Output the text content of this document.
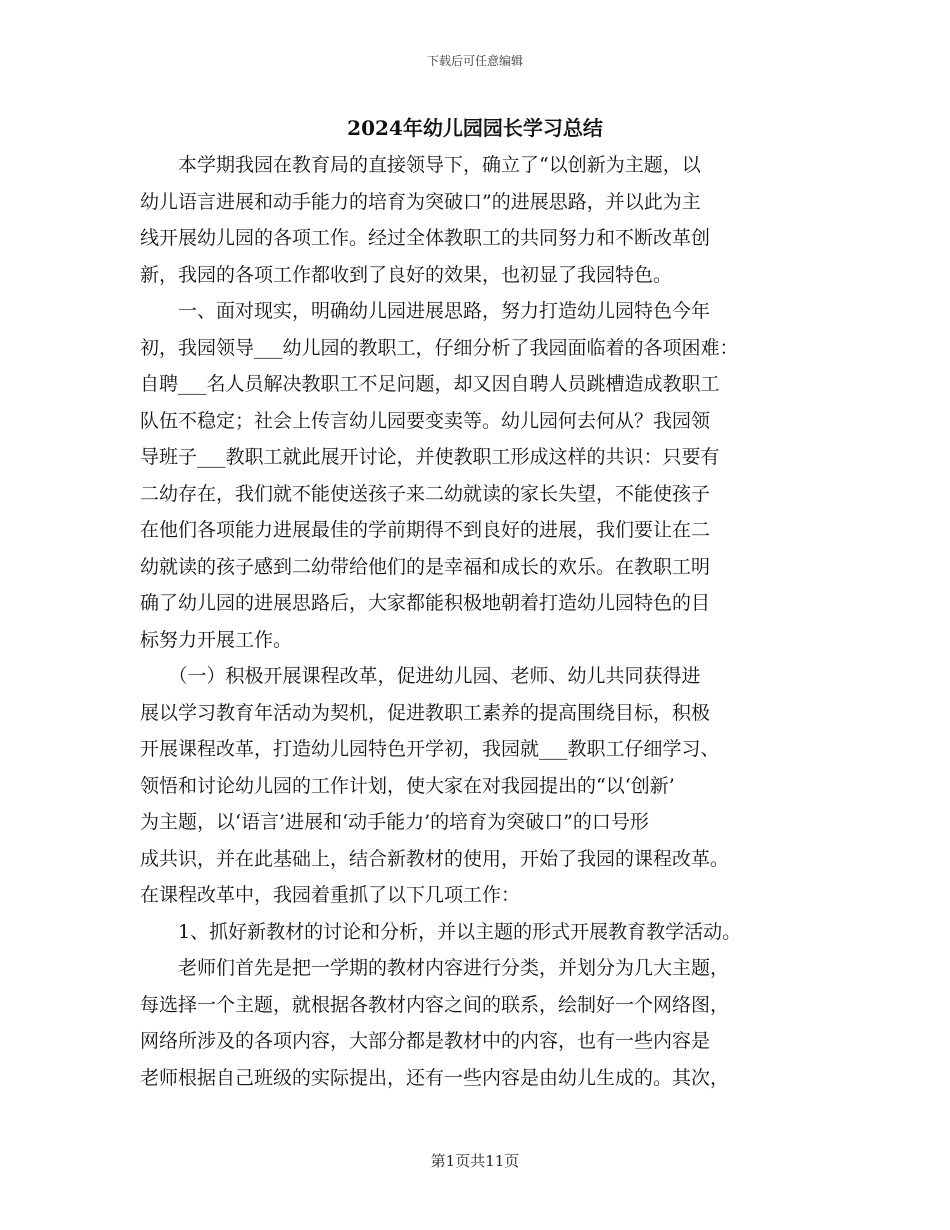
下载后可任意编辑
2024年幼儿园园长学习总结
　　本学期我园在教育局的直接领导下，确立了“以创新为主题，以
幼儿语言进展和动手能力的培育为突破口”的进展思路，并以此为主
线开展幼儿园的各项工作。经过全体教职工的共同努力和不断改革创
新，我园的各项工作都收到了良好的效果，也初显了我园特色。
　　一、面对现实，明确幼儿园进展思路，努力打造幼儿园特色今年
初，我园领导___幼儿园的教职工，仔细分析了我园面临着的各项困难：
自聘___名人员解决教职工不足问题，却又因自聘人员跳槽造成教职工
队伍不稳定；社会上传言幼儿园要变卖等。幼儿园何去何从？我园领
导班子___教职工就此展开讨论，并使教职工形成这样的共识：只要有
二幼存在，我们就不能使送孩子来二幼就读的家长失望，不能使孩子
在他们各项能力进展最佳的学前期得不到良好的进展，我们要让在二
幼就读的孩子感到二幼带给他们的是幸福和成长的欢乐。在教职工明
确了幼儿园的进展思路后，大家都能积极地朝着打造幼儿园特色的目
标努力开展工作。
　　（一）积极开展课程改革，促进幼儿园、老师、幼儿共同获得进
展以学习教育年活动为契机，促进教职工素养的提高围绕目标，积极
开展课程改革，打造幼儿园特色开学初，我园就___教职工仔细学习、
领悟和讨论幼儿园的工作计划，使大家在对我园提出的“以‘创新’
为主题，以‘语言’进展和‘动手能力’的培育为突破口”的口号形
成共识，并在此基础上，结合新教材的使用，开始了我园的课程改革。
在课程改革中，我园着重抓了以下几项工作：
　　1、抓好新教材的讨论和分析，并以主题的形式开展教育教学活动。
　　老师们首先是把一学期的教材内容进行分类，并划分为几大主题，
每选择一个主题，就根据各教材内容之间的联系，绘制好一个网络图，
网络所涉及的各项内容，大部分都是教材中的内容，也有一些内容是
老师根据自己班级的实际提出，还有一些内容是由幼儿生成的。其次，
第1页共11页
